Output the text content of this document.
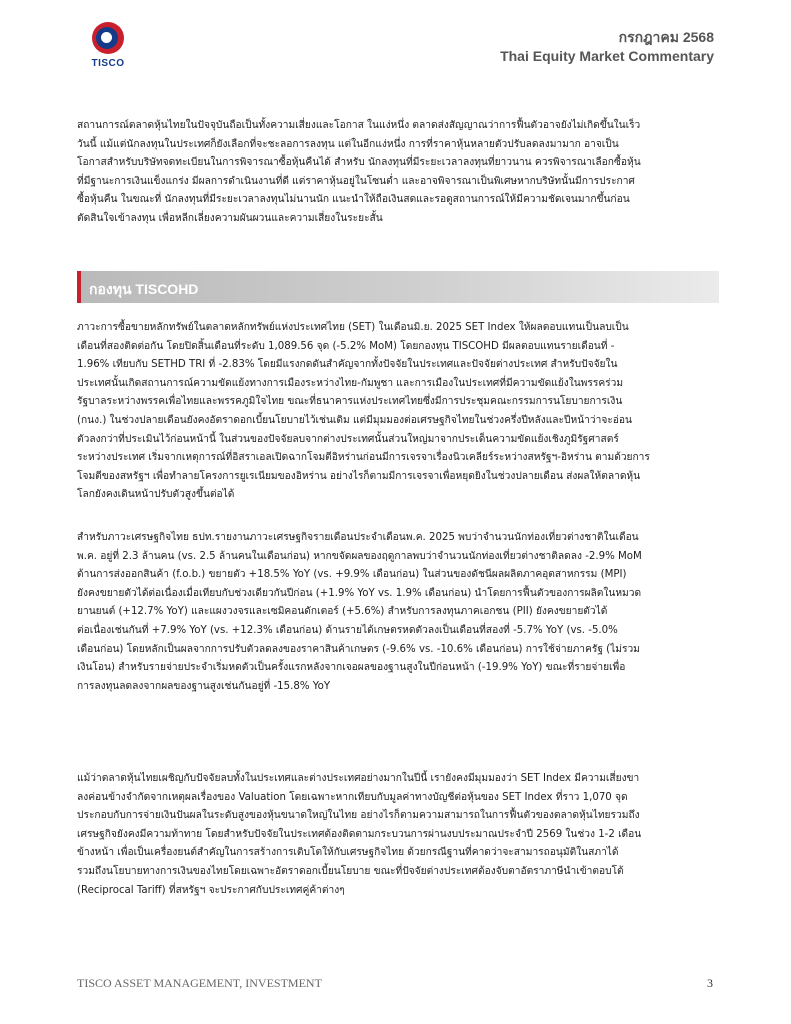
TISCO
กรกฎาคม 2568
Thai Equity Market Commentary
สถานการณ์ตลาดหุ้นไทยในปัจจุบันถือเป็นทั้งความเสี่ยงและโอกาส ในแง่หนึ่ง ตลาดส่งสัญญาณว่าการฟื้นตัวอาจยังไม่เกิดขึ้นในเร็ว
วันนี้ แม้แต่นักลงทุนในประเทศก็ยังเลือกที่จะชะลอการลงทุน แต่ในอีกแง่หนึ่ง การที่ราคาหุ้นหลายตัวปรับลดลงมามาก อาจเป็น
โอกาสสำหรับบริษัทจดทะเบียนในการพิจารณาซื้อหุ้นคืนได้ สำหรับ นักลงทุนที่มีระยะเวลาลงทุนที่ยาวนาน ควรพิจารณาเลือกซื้อหุ้น
ที่มีฐานะการเงินแข็งแกร่ง มีผลการดำเนินงานที่ดี แต่ราคาหุ้นอยู่ในโซนต่ำ และอาจพิจารณาเป็นพิเศษหากบริษัทนั้นมีการประกาศ
ซื้อหุ้นคืน ในขณะที่ นักลงทุนที่มีระยะเวลาลงทุนไม่นานนัก แนะนำให้ถือเงินสดและรอดูสถานการณ์ให้มีความชัดเจนมากขึ้นก่อน
ตัดสินใจเข้าลงทุน เพื่อหลีกเลี่ยงความผันผวนและความเสี่ยงในระยะสั้น
กองทุน TISCOHD
ภาวะการซื้อขายหลักทรัพย์ในตลาดหลักทรัพย์แห่งประเทศไทย (SET) ในเดือนมิ.ย. 2025 SET Index ให้ผลตอบแทนเป็นลบเป็น
เดือนที่สองติดต่อกัน โดยปิดสิ้นเดือนที่ระดับ 1,089.56 จุด (-5.2% MoM) โดยกองทุน TISCOHD มีผลตอบแทนรายเดือนที่ -
1.96% เทียบกับ SETHD TRI ที่ -2.83% โดยมีแรงกดดันสำคัญจากทั้งปัจจัยในประเทศและปัจจัยต่างประเทศ สำหรับปัจจัยใน
ประเทศนั้นเกิดสถานการณ์ความขัดแย้งทางการเมืองระหว่างไทย-กัมพูชา และการเมืองในประเทศที่มีความขัดแย้งในพรรคร่วม
รัฐบาลระหว่างพรรคเพื่อไทยและพรรคภูมิใจไทย ขณะที่ธนาคารแห่งประเทศไทยซึ่งมีการประชุมคณะกรรมการนโยบายการเงิน
(กนง.) ในช่วงปลายเดือนยังคงอัตราดอกเบี้ยนโยบายไว้เช่นเดิม แต่มีมุมมองต่อเศรษฐกิจไทยในช่วงครึ่งปีหลังและปีหน้าว่าจะอ่อน
ตัวลงกว่าที่ประเมินไว้ก่อนหน้านี้ ในส่วนของปัจจัยลบจากต่างประเทศนั้นส่วนใหญ่มาจากประเด็นความขัดแย้งเชิงภูมิรัฐศาสตร์
ระหว่างประเทศ เริ่มจากเหตุการณ์ที่อิสราเอลเปิดฉากโจมตีอิหร่านก่อนมีการเจรจาเรื่องนิวเคลียร์ระหว่างสหรัฐฯ-อิหร่าน ตามด้วยการ
โจมตีของสหรัฐฯ เพื่อทำลายโครงการยูเรเนียมของอิหร่าน อย่างไรก็ตามมีการเจรจาเพื่อหยุดยิงในช่วงปลายเดือน ส่งผลให้ตลาดหุ้น
โลกยังคงเดินหน้าปรับตัวสูงขึ้นต่อได้
สำหรับภาวะเศรษฐกิจไทย ธปท.รายงานภาวะเศรษฐกิจรายเดือนประจำเดือนพ.ค. 2025 พบว่าจำนวนนักท่องเที่ยวต่างชาติในเดือน
พ.ค. อยู่ที่ 2.3 ล้านคน (vs. 2.5 ล้านคนในเดือนก่อน) หากขจัดผลของฤดูกาลพบว่าจำนวนนักท่องเที่ยวต่างชาติลดลง -2.9% MoM
ด้านการส่งออกสินค้า (f.o.b.) ขยายตัว +18.5% YoY (vs. +9.9% เดือนก่อน) ในส่วนของดัชนีผลผลิตภาคอุตสาหกรรม (MPI)
ยังคงขยายตัวได้ต่อเนื่องเมื่อเทียบกับช่วงเดียวกันปีก่อน (+1.9% YoY vs. 1.9% เดือนก่อน) นำโดยการฟื้นตัวของการผลิตในหมวด
ยานยนต์ (+12.7% YoY) และแผงวงจรและเซมิคอนดักเตอร์ (+5.6%) สำหรับการลงทุนภาคเอกชน (PII) ยังคงขยายตัวได้
ต่อเนื่องเช่นกันที่ +7.9% YoY (vs. +12.3% เดือนก่อน) ด้านรายได้เกษตรหดตัวลงเป็นเดือนที่สองที่ -5.7% YoY (vs. -5.0%
เดือนก่อน) โดยหลักเป็นผลจากการปรับตัวลดลงของราคาสินค้าเกษตร (-9.6% vs. -10.6% เดือนก่อน) การใช้จ่ายภาครัฐ (ไม่รวม
เงินโอน) สำหรับรายจ่ายประจำเริ่มหดตัวเป็นครั้งแรกหลังจากเจอผลของฐานสูงในปีก่อนหน้า (-19.9% YoY) ขณะที่รายจ่ายเพื่อ
การลงทุนลดลงจากผลของฐานสูงเช่นกันอยู่ที่ -15.8% YoY
แม้ว่าตลาดหุ้นไทยเผชิญกับปัจจัยลบทั้งในประเทศและต่างประเทศอย่างมากในปีนี้ เรายังคงมีมุมมองว่า SET Index มีความเสี่ยงขา
ลงค่อนข้างจำกัดจากเหตุผลเรื่องของ Valuation โดยเฉพาะหากเทียบกับมูลค่าทางบัญชีต่อหุ้นของ SET Index ที่ราว 1,070 จุด
ประกอบกับการจ่ายเงินปันผลในระดับสูงของหุ้นขนาดใหญ่ในไทย อย่างไรก็ตามความสามารถในการฟื้นตัวของตลาดหุ้นไทยรวมถึง
เศรษฐกิจยังคงมีความท้าทาย โดยสำหรับปัจจัยในประเทศต้องติดตามกระบวนการผ่านงบประมาณประจำปี 2569 ในช่วง 1-2 เดือน
ข้างหน้า เพื่อเป็นเครื่องยนต์สำคัญในการสร้างการเติบโตให้กับเศรษฐกิจไทย ด้วยกรณีฐานที่คาดว่าจะสามารถอนุมัติในสภาได้
รวมถึงนโยบายทางการเงินของไทยโดยเฉพาะอัตราดอกเบี้ยนโยบาย ขณะที่ปัจจัยต่างประเทศต้องจับตาอัตราภาษีนำเข้าตอบโต้
(Reciprocal Tariff) ที่สหรัฐฯ จะประกาศกับประเทศคู่ค้าต่างๆ
TISCO ASSET MANAGEMENT, INVESTMENT	3
